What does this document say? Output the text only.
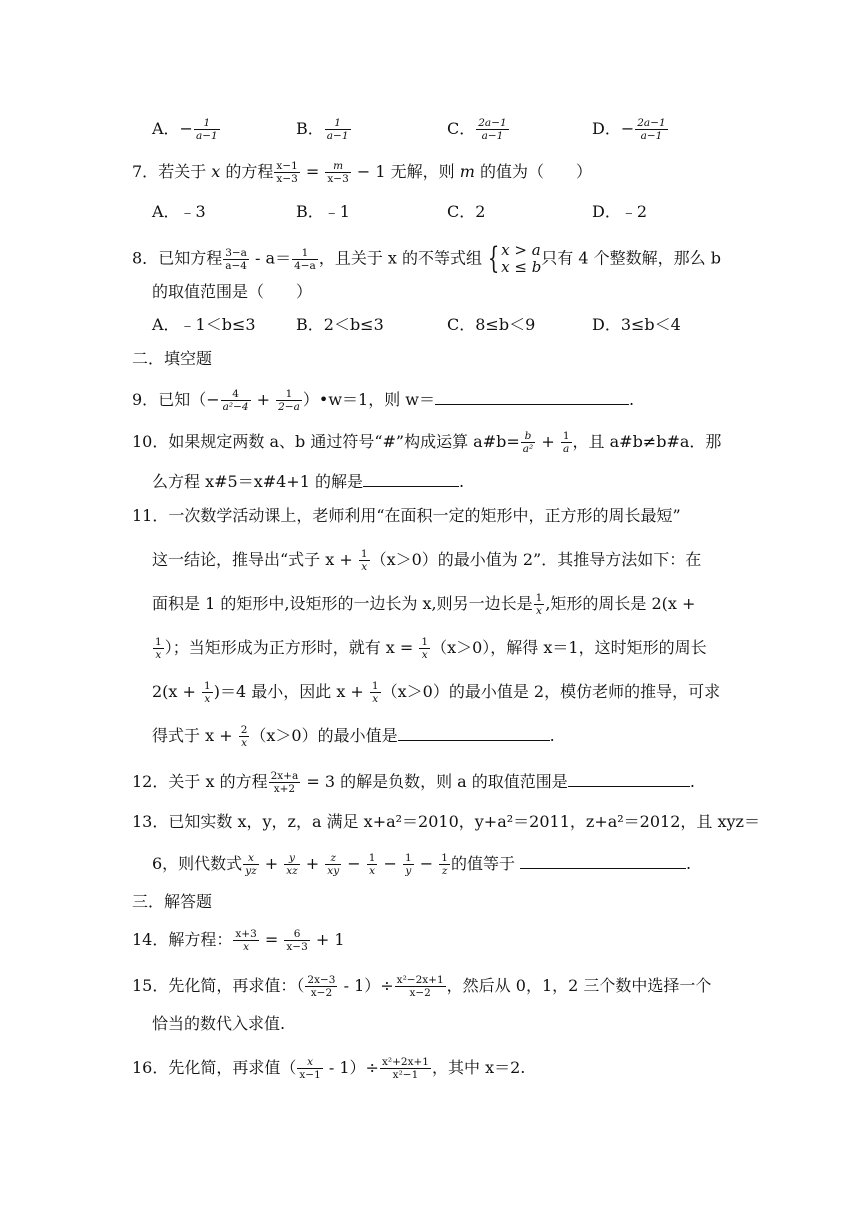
A．− $\frac{1}{a-1}$	B． $\frac{1}{a-1}$	C． $\frac{2a-1}{a-1}$	D．− $\frac{2a-1}{a-1}$
7．若关于 x 的方程 $\frac{x-1}{x-3} = \frac{m}{x-3} - 1$ 无解，则 m 的值为（　　）
A．﹣3	B．﹣1	C．2	D．﹣2
8．已知方程 $\frac{3-a}{a-4} - a= \frac{1}{4-a}$ ，且关于 x 的不等式组 { x > a
x ≤ b 只有 4 个整数解，那么 b
的取值范围是（　　）
A．﹣1＜b≤3	B．2＜b≤3	C．8≤b＜9	D．3≤b＜4
二．填空题
9．已知（− $\frac{4}{\text{a²−4}} + \frac{1}{2-a}$ ）•w＝1，则 w＝	.
10．如果规定两数 a、b 通过符号“#”构成运算 a#b= $\frac{b}{\text{a²}} + \frac{1}{a}$ ，且 a#b≠b#a．那
么方程 x#5＝x#4+1 的解是	.
11．一次数学活动课上，老师利用“在面积一定的矩形中，正方形的周长最短”
这一结论，推导出“式子 $x + \frac{1}{x} (x>0)$的最小值为 2”．其推导方法如下：在
面积是 1 的矩形中,设矩形的一边长为 x,则另一边长是 $\frac{1}{x}$ ,矩形的周长是 2(x +
$\frac{1}{x}$ ）；当矩形成为正方形时，就有 $x = \frac{1}{x} (x>0)$，解得 x＝1，这时矩形的周长
$2(x + \frac{1}{x} )=4$ 最小，因此 $x + \frac{1}{x} (x>0)$的最小值是 2，模仿老师的推导，可求
得式于 $x + \frac{2}{x} (x>0)$的最小值是	.
12．关于 x 的方程 $\frac{2x+a}{x+2} = 3$ 的解是负数，则 a 的取值范围是	.
13．已知实数 x，y，z，a 满足 x+a²＝2010，y+a²＝2011，z+a²＝2012，且 xyz＝
6，则代数式 $\frac{x}{yz} + \frac{y}{xz} + \frac{z}{xy} - \frac{1}{x} - \frac{1}{y} - \frac{1}{z}$ 的值等于	.
三．解答题
14．解方程： $\frac{x+3}{x} = \frac{6}{x-3} + 1$
15．先化简，再求值：（ $\frac{2x-3}{x-2} - 1)\div \frac{\text{x²−2x+1}}{x-2}$ ，然后从 0，1，2 三个数中选择一个
恰当的数代入求值.
16．先化简，再求值（ $\frac{x}{x-1} - 1)\div \frac{\text{x²+2x+1}}{\text{x²−1}}$ ，其中 x＝2.
